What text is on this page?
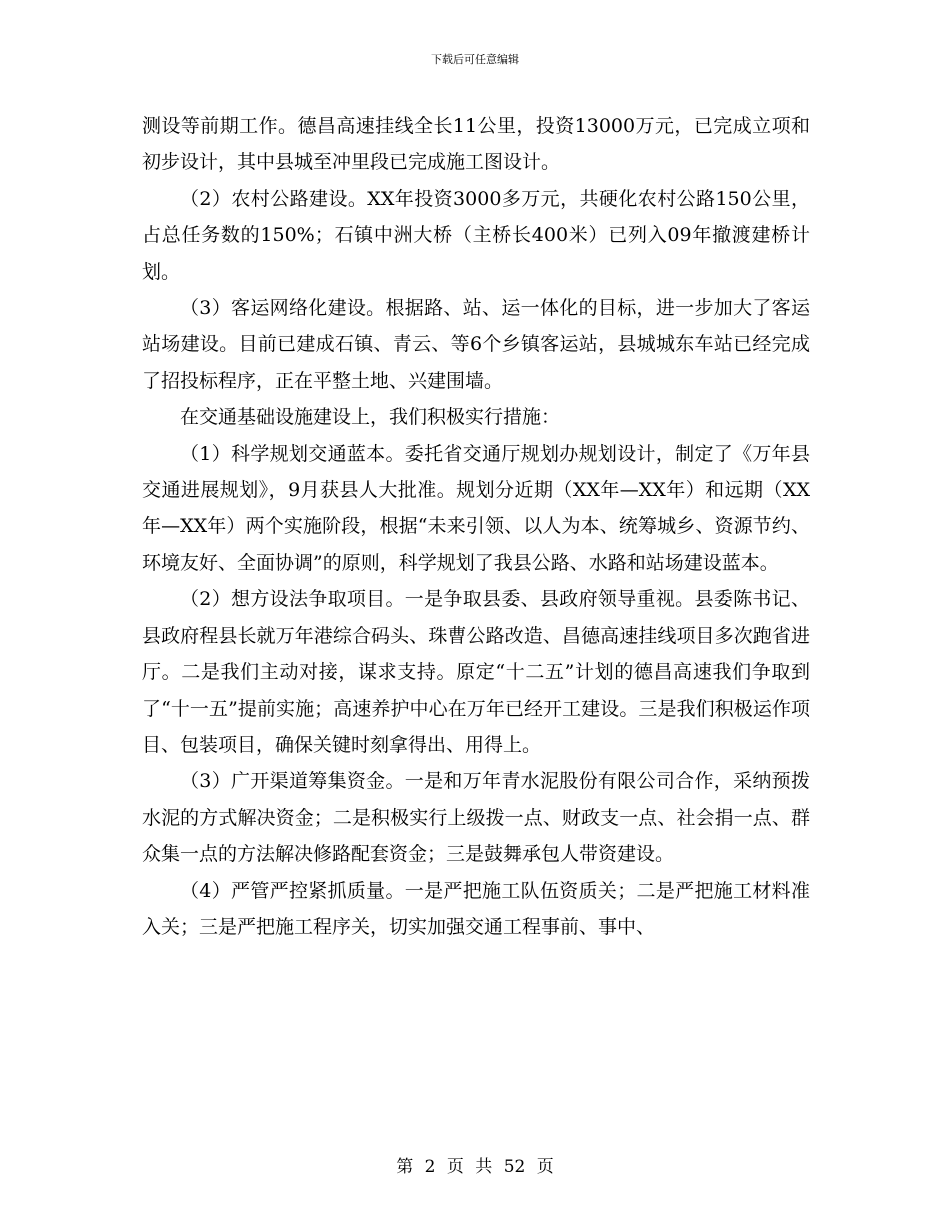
下载后可任意编辑

测设等前期工作。德昌高速挂线全长11公里，投资13000万元，已完成立项和初步设计，其中县城至冲里段已完成施工图设计。

（2）农村公路建设。XX年投资3000多万元，共硬化农村公路150公里，占总任务数的150%；石镇中洲大桥（主桥长400米）已列入09年撤渡建桥计划。

（3）客运网络化建设。根据路、站、运一体化的目标，进一步加大了客运站场建设。目前已建成石镇、青云、等6个乡镇客运站，县城城东车站已经完成了招投标程序，正在平整土地、兴建围墙。

在交通基础设施建设上，我们积极实行措施：

（1）科学规划交通蓝本。委托省交通厅规划办规划设计，制定了《万年县交通进展规划》，9月获县人大批准。规划分近期（XX年—XX年）和远期（XX年—XX年）两个实施阶段，根据“未来引领、以人为本、统筹城乡、资源节约、环境友好、全面协调”的原则，科学规划了我县公路、水路和站场建设蓝本。

（2）想方设法争取项目。一是争取县委、县政府领导重视。县委陈书记、县政府程县长就万年港综合码头、珠曹公路改造、昌德高速挂线项目多次跑省进厅。二是我们主动对接，谋求支持。原定“十二五”计划的德昌高速我们争取到了“十一五”提前实施；高速养护中心在万年已经开工建设。三是我们积极运作项目、包装项目，确保关键时刻拿得出、用得上。

（3）广开渠道筹集资金。一是和万年青水泥股份有限公司合作，采纳预拨水泥的方式解决资金；二是积极实行上级拨一点、财政支一点、社会捐一点、群众集一点的方法解决修路配套资金；三是鼓舞承包人带资建设。

（4）严管严控紧抓质量。一是严把施工队伍资质关；二是严把施工材料准入关；三是严把施工程序关，切实加强交通工程事前、事中、

第 2 页 共 52 页
